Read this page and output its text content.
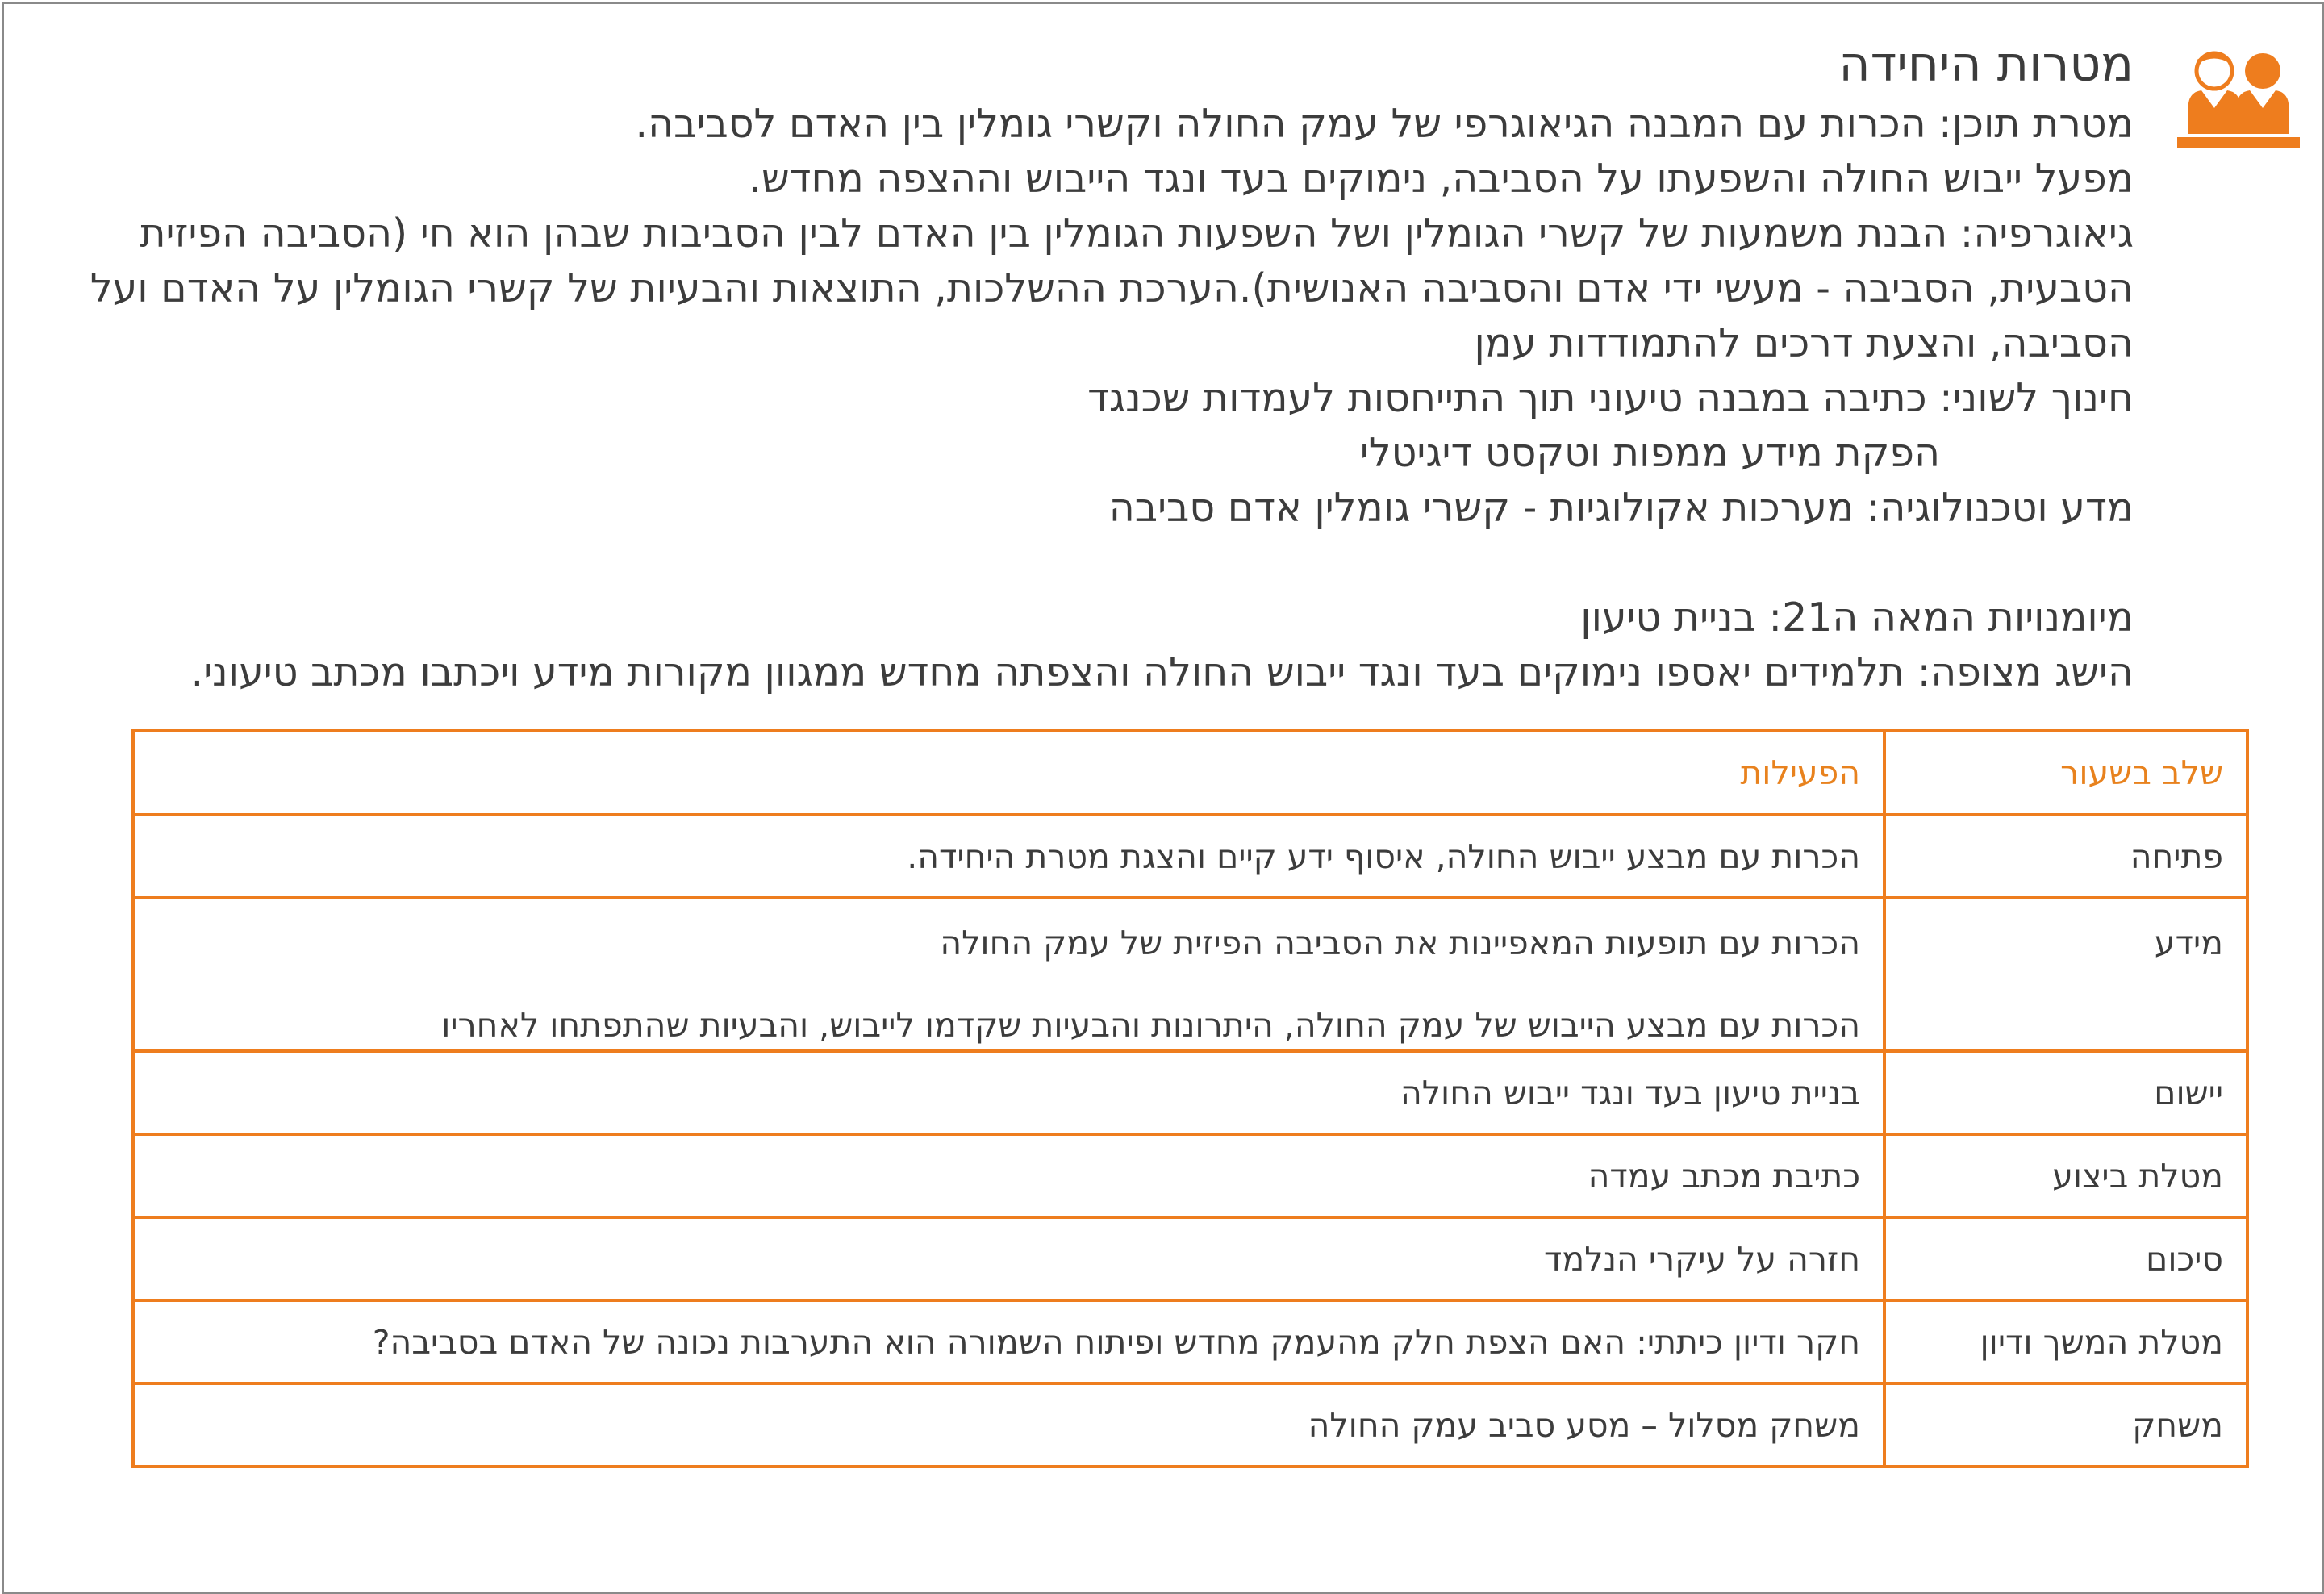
מטרות היחידה

מטרת תוכן: הכרות עם המבנה הגיאוגרפי של עמק החולה וקשרי גומלין בין האדם לסביבה.

מפעל ייבוש החולה והשפעתו על הסביבה, נימוקים בעד ונגד הייבוש וההצפה מחדש.

גיאוגרפיה: הבנת משמעות של קשרי הגומלין ושל השפעות הגומלין בין האדם לבין הסביבות שבהן הוא חי (הסביבה הפיזית הטבעית, הסביבה - מעשי ידי אדם והסביבה האנושית).הערכת ההשלכות, התוצאות והבעיות של קשרי הגומלין על האדם ועל הסביבה, והצעת דרכים להתמודדות עמן

חינוך לשוני: כתיבה במבנה טיעוני תוך התייחסות לעמדות שכנגד

הפקת מידע ממפות וטקסט דיגיטלי

מדע וטכנולוגיה: מערכות אקולוגיות - קשרי גומלין אדם סביבה

מיומנויות המאה ה21: בניית טיעון

הישג מצופה: תלמידים יאספו נימוקים בעד ונגד ייבוש החולה והצפתה מחדש ממגוון מקורות מידע ויכתבו מכתב טיעוני.

שלב בשעור	הפעילות
פתיחה	הכרות עם מבצע ייבוש החולה, איסוף ידע קיים והצגת מטרת היחידה.
מידע	הכרות עם תופעות המאפיינות את הסביבה הפיזית של עמק החולה
הכרות עם מבצע הייבוש של עמק החולה, היתרונות והבעיות שקדמו לייבוש, והבעיות שהתפתחו לאחריו

יישום	בניית טיעון בעד ונגד ייבוש החולה
מטלת ביצוע	כתיבת מכתב עמדה
סיכום	חזרה על עיקרי הנלמד
מטלת המשך ודיון	חקר ודיון כיתתי: האם הצפת חלק מהעמק מחדש ופיתוח השמורה הוא התערבות נכונה של האדם בסביבה?
משחק	משחק מסלול – מסע סביב עמק החולה
